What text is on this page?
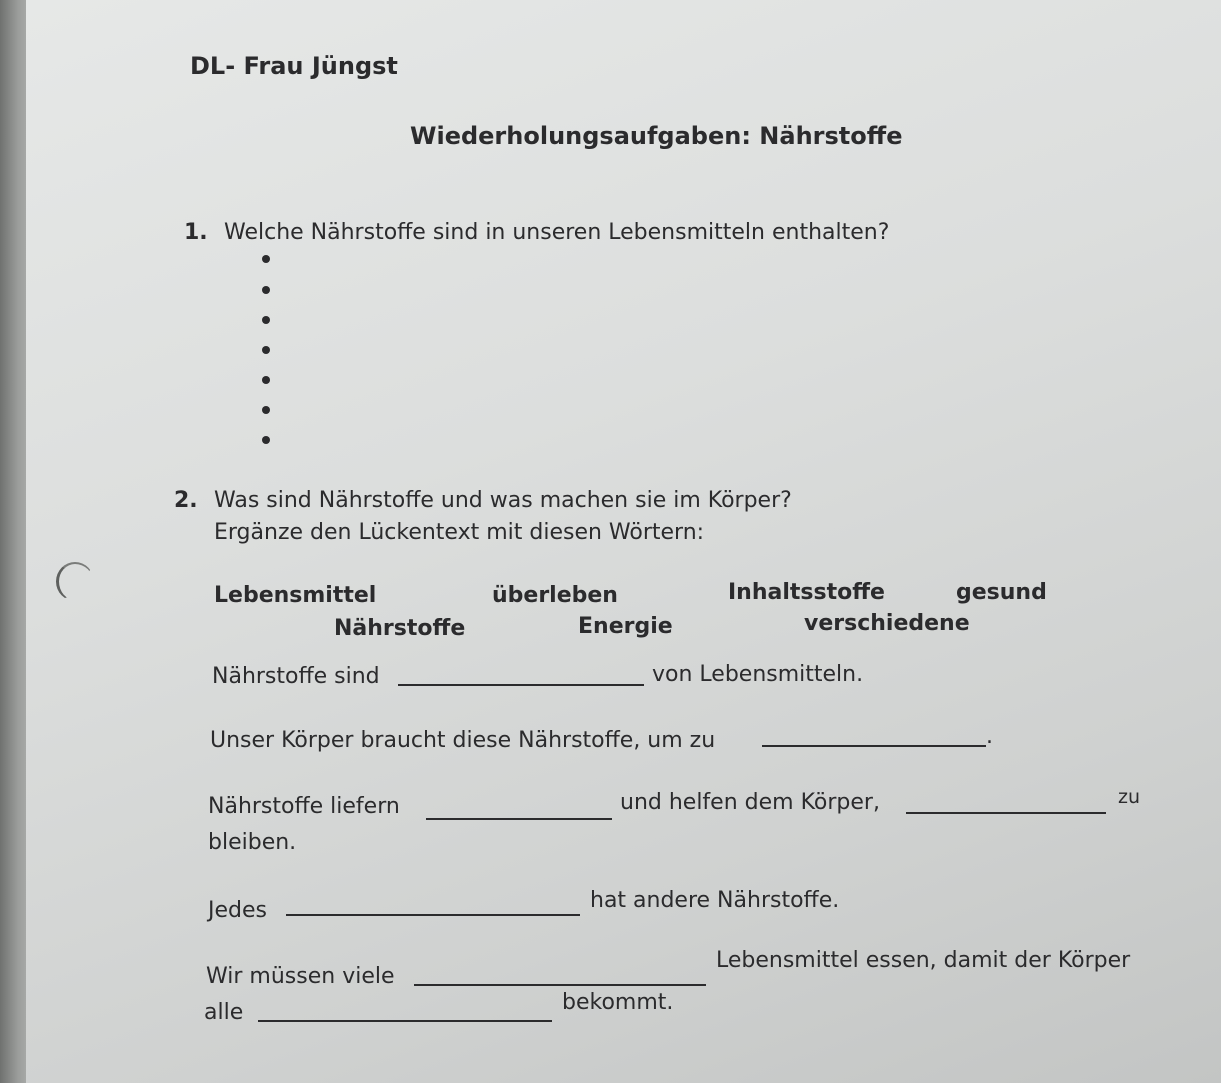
DL- Frau Jüngst
Wiederholungsaufgaben: Nährstoffe
1. Welche Nährstoffe sind in unseren Lebensmitteln enthalten?
2. Was sind Nährstoffe und was machen sie im Körper?
Ergänze den Lückentext mit diesen Wörtern:
Lebensmittel	überleben	Inhaltsstoffe	gesund
Nährstoffe	Energie	verschiedene
Nährstoffe sind	von Lebensmitteln.
Unser Körper braucht diese Nährstoffe, um zu	.
Nährstoffe liefern	und helfen dem Körper,	zu
bleiben.
Jedes	hat andere Nährstoffe.
Wir müssen viele
Lebensmittel essen, damit der Körper
alle	bekommt.
